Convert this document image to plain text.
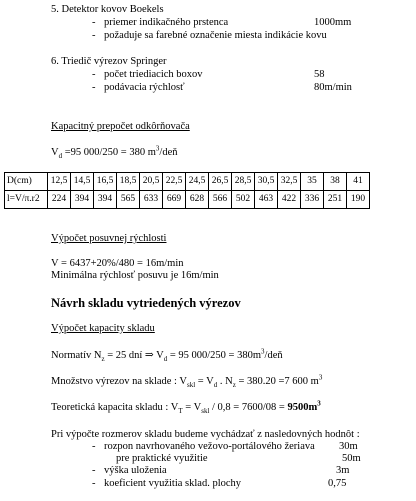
5. Detektor kovov Boekels
- priemer indikačného prstenca	1000mm
- požaduje sa farebné označenie miesta indikácie kovu
6. Triedič výrezov Springer
- počet triediacich boxov	58
- podávacia rýchlosť	80m/min
Kapacitný prepočet odkôrňovača
$V_d =95$ 000/250 = 380 $m^3$/deň
D(cm)	12,5	14,5	16,5	18,5	20,5	22,5	24,5	26,5	28,5	30,5	32,5	35	38	41
l=V/π.r2	224	394	394	565	633	669	628	566	502	463	422	336	251	190
Výpočet posuvnej rýchlosti
V = 6437+20%/480 = 16m/min
Minimálna rýchlosť posuvu je 16m/min
Návrh skladu vytriedených výrezov
Výpočet kapacity skladu
Normatív $N_z = 25$ dní ⇒ $V_d = 95$ $000/250 = 380m^3$/deň
Množstvo výrezov na sklade : $V_{skl} = V_d$ . $N_z = 380.20 =7$ 600 $m^3$
Teoretická kapacita skladu : $V_T = V_{skl} / 0,8 = 7600/08 = 9500m^3$
Pri výpočte rozmerov skladu budeme vychádzať z nasledovných hodnôt :
- rozpon navrhovaného vežovo-portálového žeriava 30m
pre praktické využitie	50m
- výška uloženia	3m
- koeficient využitia sklad. plochy	0,75
